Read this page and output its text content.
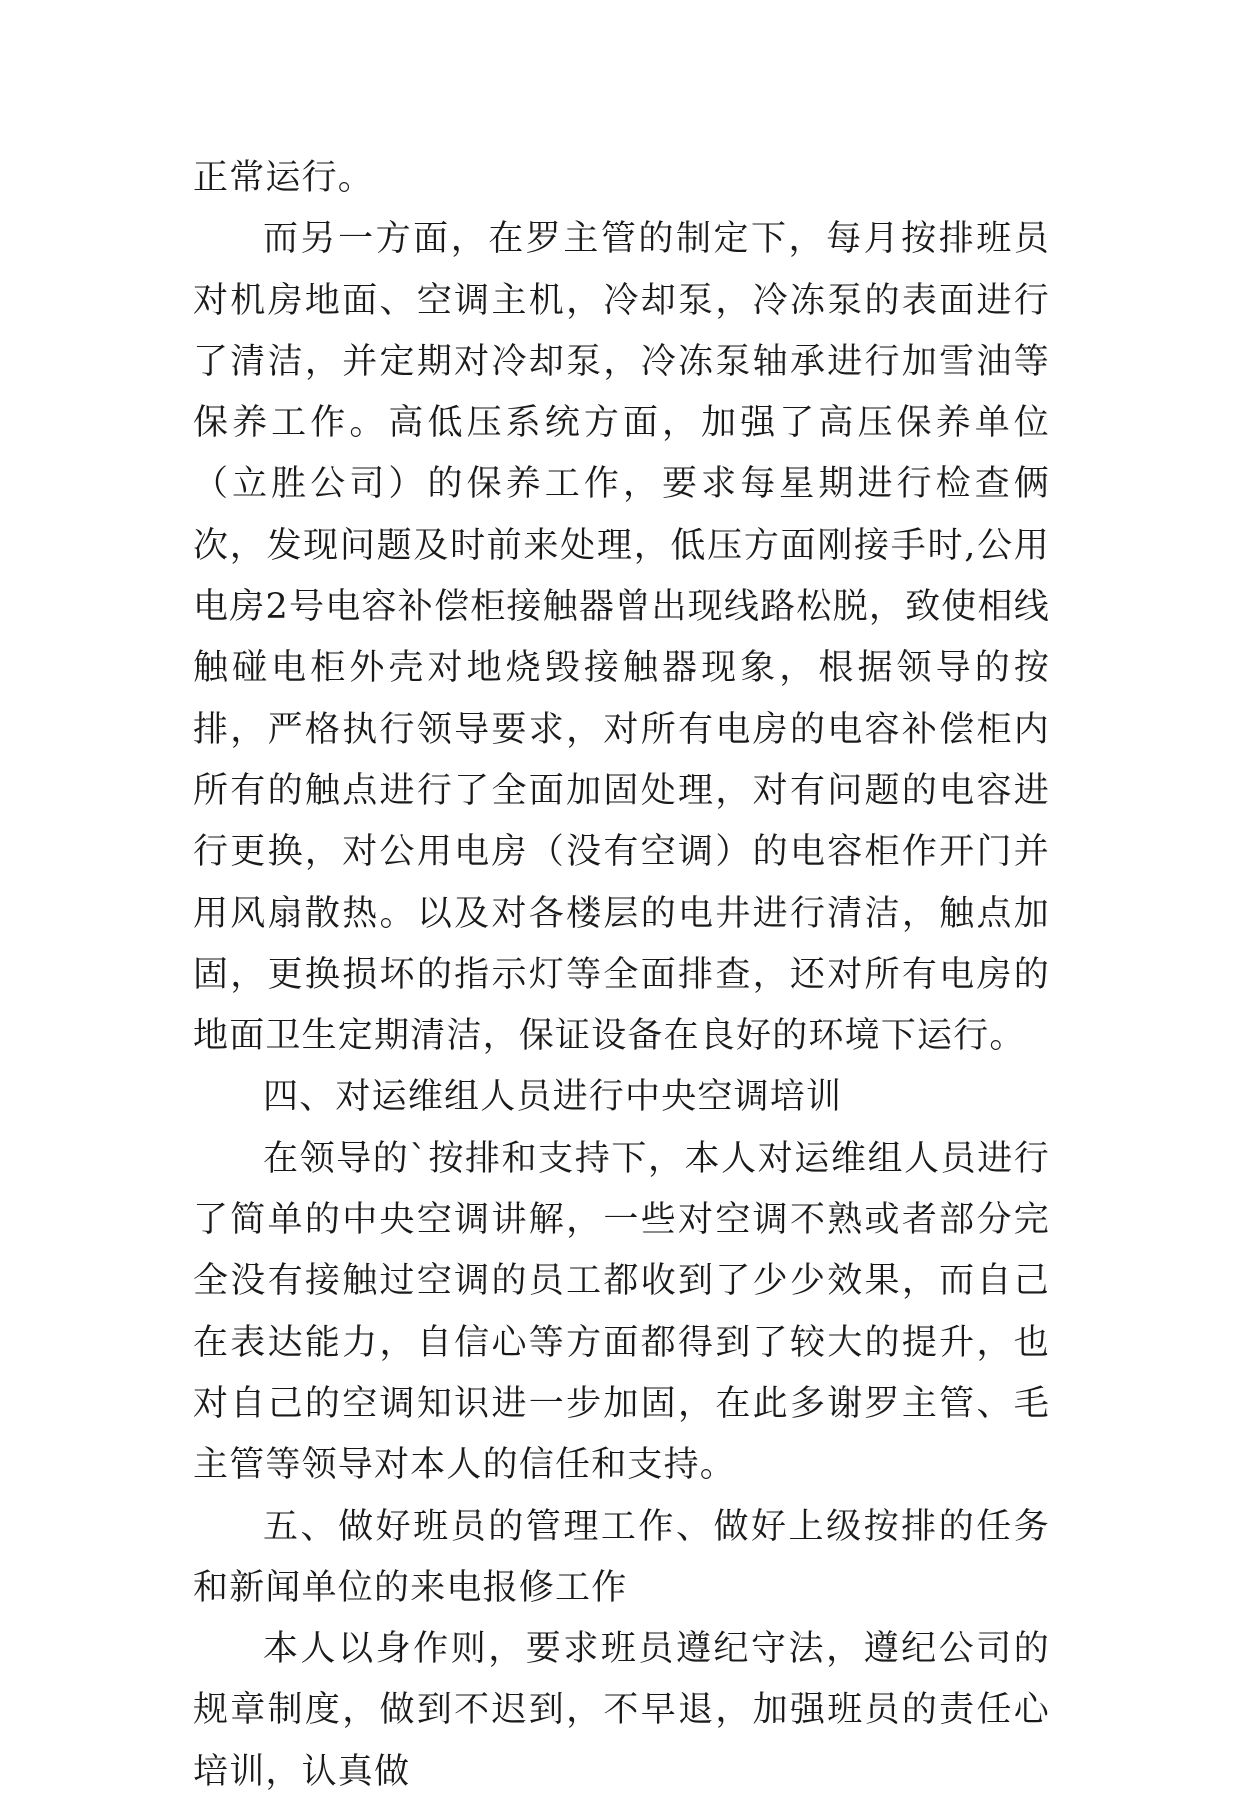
正常运行。

而另一方面，在罗主管的制定下，每月按排班员对机房地面、空调主机，冷却泵，冷冻泵的表面进行了清洁，并定期对冷却泵，冷冻泵轴承进行加雪油等保养工作。高低压系统方面，加强了高压保养单位（立胜公司）的保养工作，要求每星期进行检查俩次，发现问题及时前来处理，低压方面刚接手时,公用电房2号电容补偿柜接触器曾出现线路松脱，致使相线触碰电柜外壳对地烧毁接触器现象，根据领导的按排，严格执行领导要求，对所有电房的电容补偿柜内所有的触点进行了全面加固处理，对有问题的电容进行更换，对公用电房（没有空调）的电容柜作开门并用风扇散热。以及对各楼层的电井进行清洁，触点加固，更换损坏的指示灯等全面排查，还对所有电房的地面卫生定期清洁，保证设备在良好的环境下运行。

四、对运维组人员进行中央空调培训

在领导的`按排和支持下，本人对运维组人员进行了简单的中央空调讲解，一些对空调不熟或者部分完全没有接触过空调的员工都收到了少少效果，而自己在表达能力，自信心等方面都得到了较大的提升，也对自己的空调知识进一步加固，在此多谢罗主管、毛主管等领导对本人的信任和支持。

五、做好班员的管理工作、做好上级按排的任务和新闻单位的来电报修工作

本人以身作则，要求班员遵纪守法，遵纪公司的规章制度，做到不迟到，不早退，加强班员的责任心培训，认真做
